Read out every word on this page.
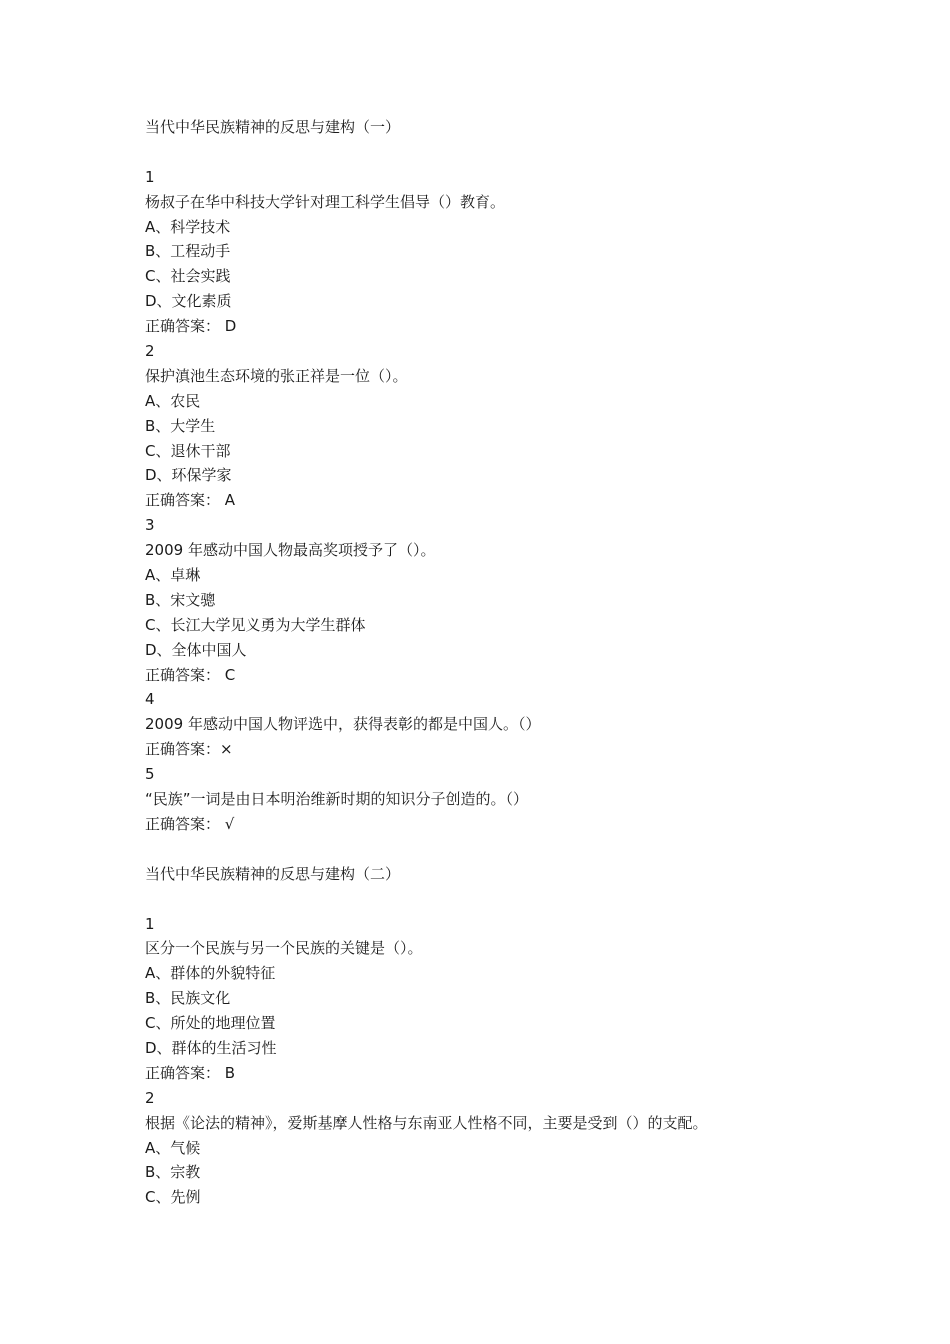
当代中华民族精神的反思与建构（一）
1
杨叔子在华中科技大学针对理工科学生倡导（）教育。
A、科学技术
B、工程动手
C、社会实践
D、文化素质
正确答案： D
2
保护滇池生态环境的张正祥是一位（）。
A、农民
B、大学生
C、退休干部
D、环保学家
正确答案： A
3
2009 年感动中国人物最高奖项授予了（）。
A、卓琳
B、宋文骢
C、长江大学见义勇为大学生群体
D、全体中国人
正确答案： C
4
2009 年感动中国人物评选中，获得表彰的都是中国人。（）
正确答案：×
5
“民族”一词是由日本明治维新时期的知识分子创造的。（）
正确答案： √
当代中华民族精神的反思与建构（二）
1
区分一个民族与另一个民族的关键是（）。
A、群体的外貌特征
B、民族文化
C、所处的地理位置
D、群体的生活习性
正确答案： B
2
根据《论法的精神》，爱斯基摩人性格与东南亚人性格不同，主要是受到（）的支配。
A、气候
B、宗教
C、先例
